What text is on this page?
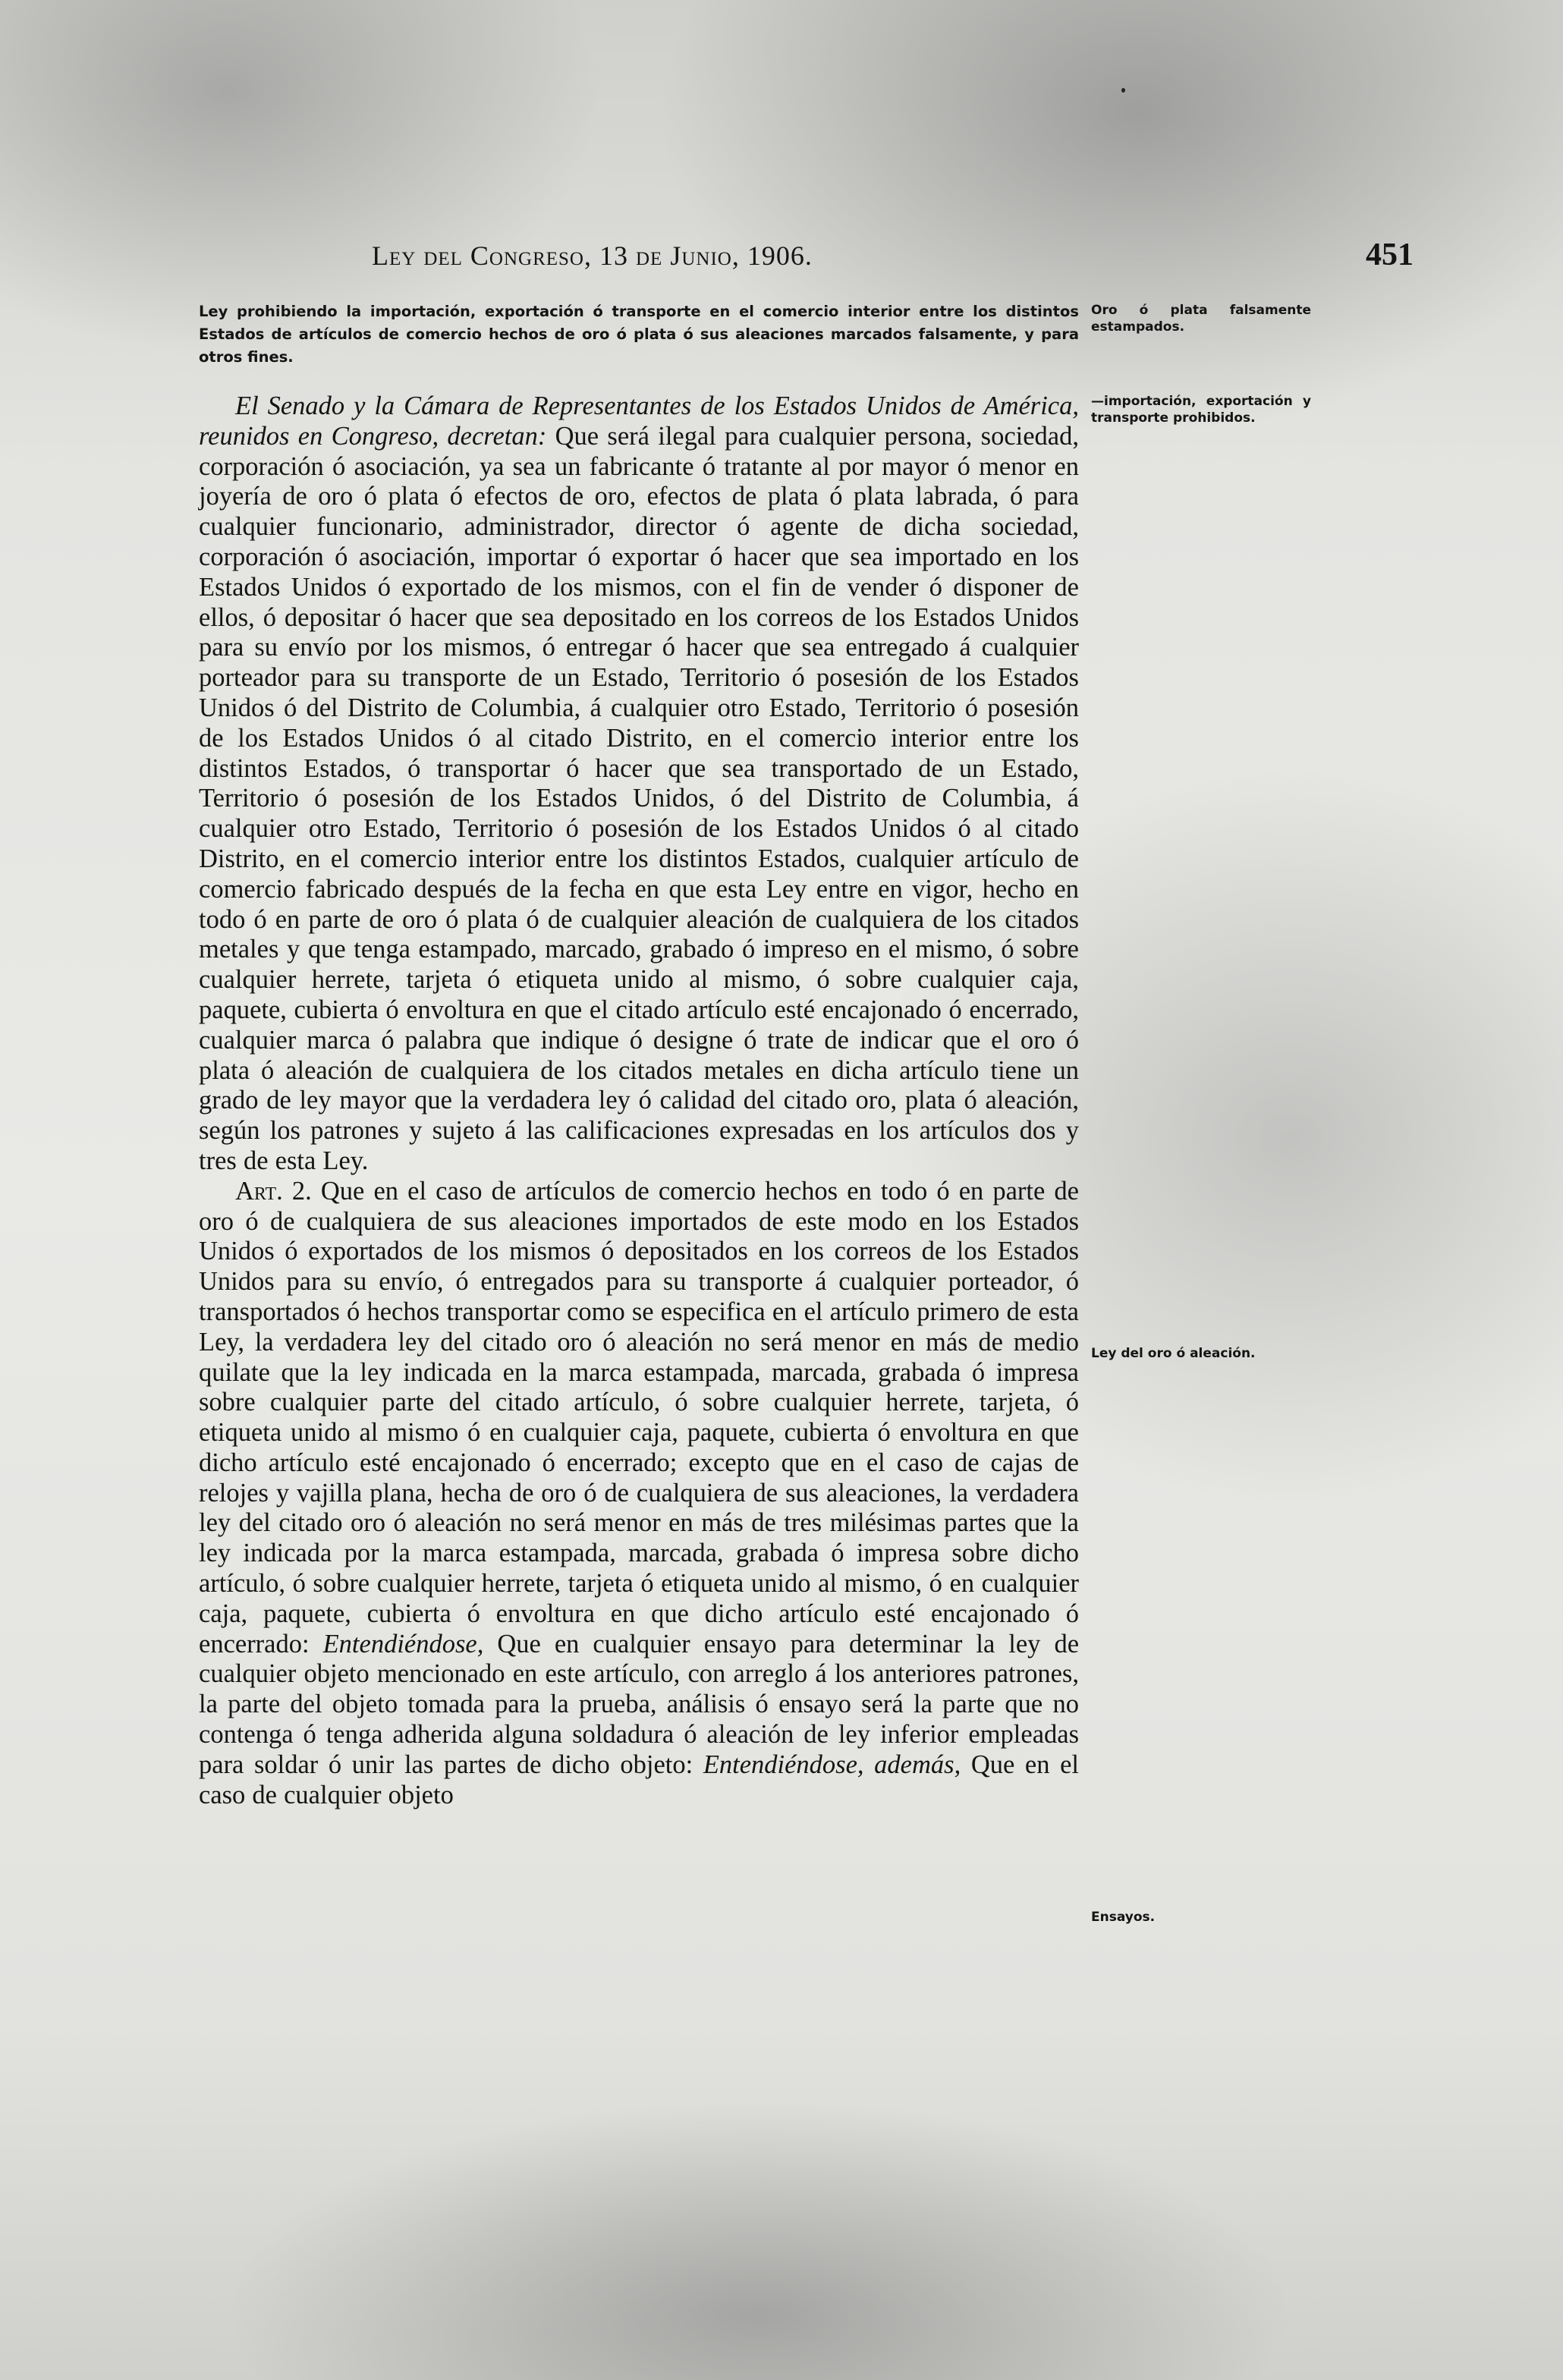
Ley del Congreso, 13 de Junio, 1906.	451
Ley prohibiendo la importación, exportación ó transporte en el comercio interior entre los distintos Estados de artículos de comercio hechos de oro ó plata ó sus aleaciones marcados falsamente, y para otros fines.
Oro ó plata falsamente estampados.
—importación, exportación y transporte prohibidos.
Ley del oro ó aleación.
Ensayos.

El Senado y la Cámara de Representantes de los Estados Unidos de América, reunidos en Congreso, decretan: Que será ilegal para cualquier persona, sociedad, corporación ó asociación, ya sea un fabricante ó tratante al por mayor ó menor en joyería de oro ó plata ó efectos de oro, efectos de plata ó plata labrada, ó para cualquier funcionario, administrador, director ó agente de dicha sociedad, corporación ó asociación, importar ó exportar ó hacer que sea importado en los Estados Unidos ó exportado de los mismos, con el fin de vender ó disponer de ellos, ó depositar ó hacer que sea depositado en los correos de los Estados Unidos para su envío por los mismos, ó entregar ó hacer que sea entregado á cualquier porteador para su transporte de un Estado, Territorio ó posesión de los Estados Unidos ó del Distrito de Columbia, á cualquier otro Estado, Territorio ó posesión de los Estados Unidos ó al citado Distrito, en el comercio interior entre los distintos Estados, ó transportar ó hacer que sea transportado de un Estado, Territorio ó posesión de los Estados Unidos, ó del Distrito de Columbia, á cualquier otro Estado, Territorio ó posesión de los Estados Unidos ó al citado Distrito, en el comercio interior entre los distintos Estados, cualquier artículo de comercio fabricado después de la fecha en que esta Ley entre en vigor, hecho en todo ó en parte de oro ó plata ó de cualquier aleación de cualquiera de los citados metales y que tenga estampado, marcado, grabado ó impreso en el mismo, ó sobre cualquier herrete, tarjeta ó etiqueta unido al mismo, ó sobre cualquier caja, paquete, cubierta ó envoltura en que el citado artículo esté encajonado ó encerrado, cualquier marca ó palabra que indique ó designe ó trate de indicar que el oro ó plata ó aleación de cualquiera de los citados metales en dicha artículo tiene un grado de ley mayor que la verdadera ley ó calidad del citado oro, plata ó aleación, según los patrones y sujeto á las calificaciones expresadas en los artículos dos y tres de esta Ley.

Art. 2. Que en el caso de artículos de comercio hechos en todo ó en parte de oro ó de cualquiera de sus aleaciones importados de este modo en los Estados Unidos ó exportados de los mismos ó depositados en los correos de los Estados Unidos para su envío, ó entregados para su transporte á cualquier porteador, ó transportados ó hechos transportar como se especifica en el artículo primero de esta Ley, la verdadera ley del citado oro ó aleación no será menor en más de medio quilate que la ley indicada en la marca estampada, marcada, grabada ó impresa sobre cualquier parte del citado artículo, ó sobre cualquier herrete, tarjeta, ó etiqueta unido al mismo ó en cualquier caja, paquete, cubierta ó envoltura en que dicho artículo esté encajonado ó encerrado; excepto que en el caso de cajas de relojes y vajilla plana, hecha de oro ó de cualquiera de sus aleaciones, la verdadera ley del citado oro ó aleación no será menor en más de tres milésimas partes que la ley indicada por la marca estampada, marcada, grabada ó impresa sobre dicho artículo, ó sobre cualquier herrete, tarjeta ó etiqueta unido al mismo, ó en cualquier caja, paquete, cubierta ó envoltura en que dicho artículo esté encajonado ó encerrado: Entendiéndose, Que en cualquier ensayo para determinar la ley de cualquier objeto mencionado en este artículo, con arreglo á los anteriores patrones, la parte del objeto tomada para la prueba, análisis ó ensayo será la parte que no contenga ó tenga adherida alguna soldadura ó aleación de ley inferior empleadas para soldar ó unir las partes de dicho objeto: Entendiéndose, además, Que en el caso de cualquier objeto
